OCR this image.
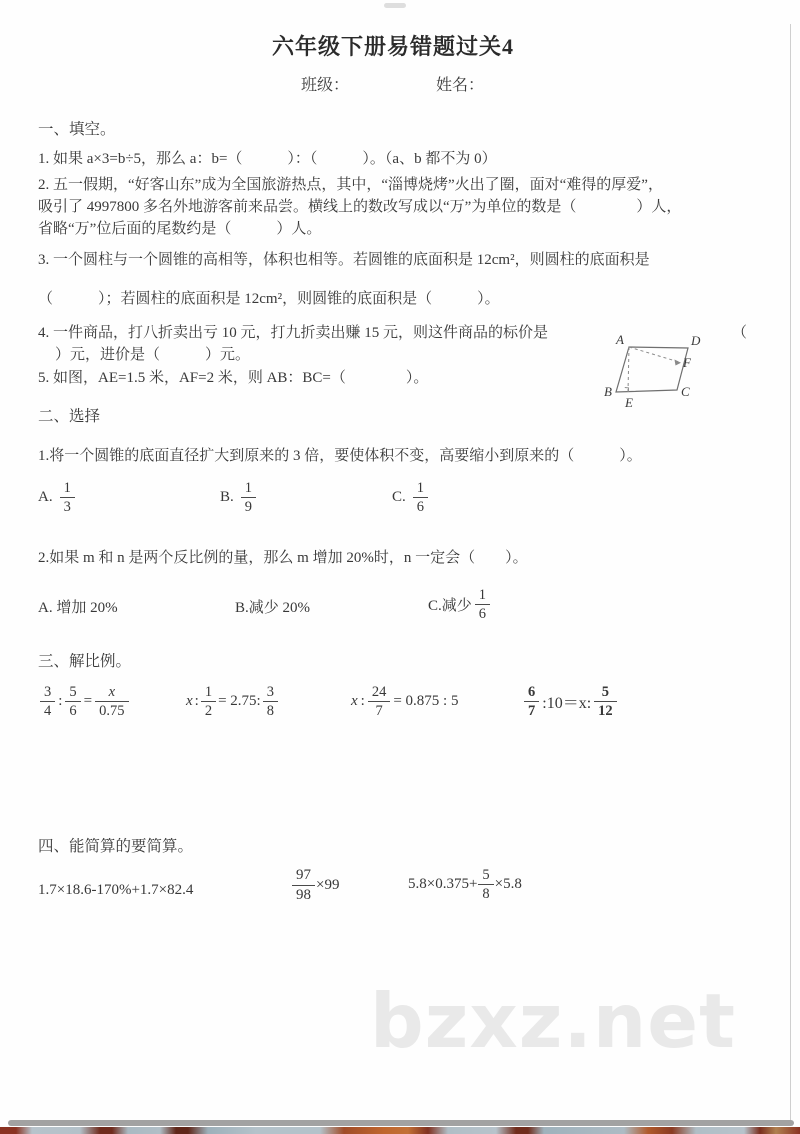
六年级下册易错题过关4
班级：	姓名：
一、填空。
1. 如果 a×3=b÷5，那么 a：b=（　　　）：（　　　）。（a、b 都不为 0）
2. 五一假期，“好客山东”成为全国旅游热点，其中，“淄博烧烤”火出了圈，面对“难得的厚爱”，
吸引了 4997800 多名外地游客前来品尝。横线上的数改写成以“万”为单位的数是（　　　　）人，
省略“万”位后面的尾数约是（　　　）人。
3. 一个圆柱与一个圆锥的高相等，体积也相等。若圆锥的底面积是 12cm²，则圆柱的底面积是
（　　　）；若圆柱的底面积是 12cm²，则圆锥的底面积是（　　　）。
4. 一件商品，打八折卖出亏 10 元，打九折卖出赚 15 元，则这件商品的标价是	（
）元，进价是（　　　）元。
5. 如图，AE=1.5 米，AF=2 米，则 AB：BC=（　　　　）。
A	D
B	C
E
F
二、选择
1.将一个圆锥的底面直径扩大到原来的 3 倍，要使体积不变，高要缩小到原来的（　　　）。
A. $\frac{1}{3}$	B. $\frac{1}{9}$	C. $\frac{1}{6}$
2.如果 m 和 n 是两个反比例的量，那么 m 增加 20%时，n 一定会（　　）。
A. 增加 20%	B.减少 20%	C.减少 $\frac{1}{6}$
三、解比例。
$\frac{3}{4}$ : $\frac{5}{6} = \frac{x}{0.75}$	x : $\frac{1}{2} = 2.75$: $\frac{3}{8}$	x : $\frac{24}{7} = 0.875$ : 5	$\frac{6}{7}$ :10＝x: $\frac{5}{12}$
四、能简算的要简算。
1.7×18.6-170%+1.7×82.4	$\frac{97}{98} \times 99$	$5.8\times 0.375+ \frac{5}{8} \times 5.8$
bzxz.net
